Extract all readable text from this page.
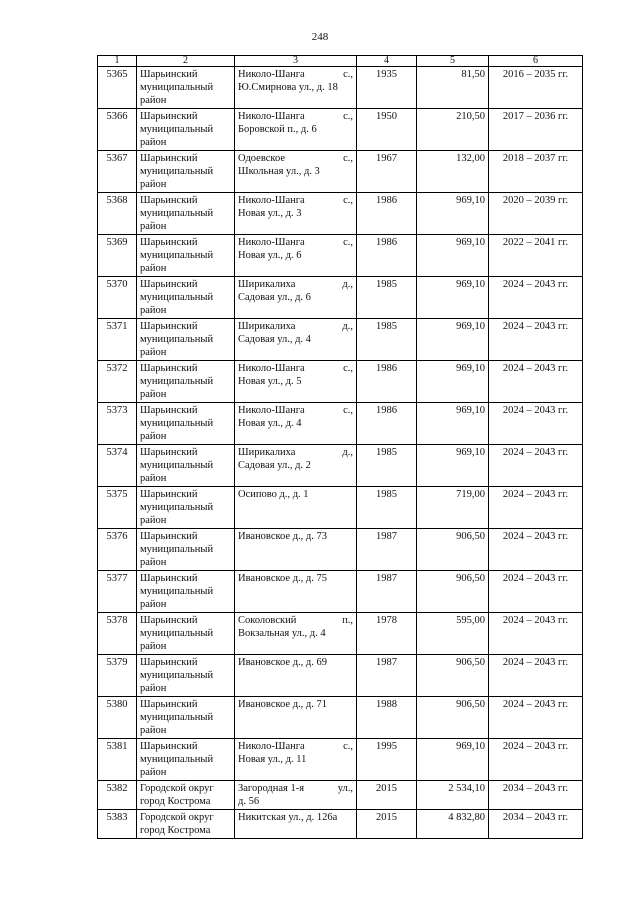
248
1	2	3	4	5	6
5365	Шарьинский муниципальный район	Николо-Шанга с.,
Ю.Смирнова ул., д. 18	1935	81,50	2016 – 2035 гг.
5366	Шарьинский муниципальный район	Николо-Шанга с.,
Боровской п., д. 6	1950	210,50	2017 – 2036 гг.
5367	Шарьинский муниципальный район	Одоевское с.,
Школьная ул., д. 3	1967	132,00	2018 – 2037 гг.
5368	Шарьинский муниципальный район	Николо-Шанга с.,
Новая ул., д. 3	1986	969,10	2020 – 2039 гг.
5369	Шарьинский муниципальный район	Николо-Шанга с.,
Новая ул., д. 6	1986	969,10	2022 – 2041 гг.
5370	Шарьинский муниципальный район	Ширикалиха д.,
Садовая ул., д. 6	1985	969,10	2024 – 2043 гг.
5371	Шарьинский муниципальный район	Ширикалиха д.,
Садовая ул., д. 4	1985	969,10	2024 – 2043 гг.
5372	Шарьинский муниципальный район	Николо-Шанга с.,
Новая ул., д. 5	1986	969,10	2024 – 2043 гг.
5373	Шарьинский муниципальный район	Николо-Шанга с.,
Новая ул., д. 4	1986	969,10	2024 – 2043 гг.
5374	Шарьинский муниципальный район	Ширикалиха д.,
Садовая ул., д. 2	1985	969,10	2024 – 2043 гг.
5375	Шарьинский муниципальный район	Осипово д., д. 1	1985	719,00	2024 – 2043 гг.
5376	Шарьинский муниципальный район	Ивановское д., д. 73	1987	906,50	2024 – 2043 гг.
5377	Шарьинский муниципальный район	Ивановское д., д. 75	1987	906,50	2024 – 2043 гг.
5378	Шарьинский муниципальный район	Соколовский п.,
Вокзальная ул., д. 4	1978	595,00	2024 – 2043 гг.
5379	Шарьинский муниципальный район	Ивановское д., д. 69	1987	906,50	2024 – 2043 гг.
5380	Шарьинский муниципальный район	Ивановское д., д. 71	1988	906,50	2024 – 2043 гг.
5381	Шарьинский муниципальный район	Николо-Шанга с.,
Новая ул., д. 11	1995	969,10	2024 – 2043 гг.
5382	Городской округ город Кострома	Загородная 1-я ул.,
д. 56	2015	2 534,10	2034 – 2043 гг.
5383	Городской округ город Кострома	Никитская ул., д. 126а	2015	4 832,80	2034 – 2043 гг.
